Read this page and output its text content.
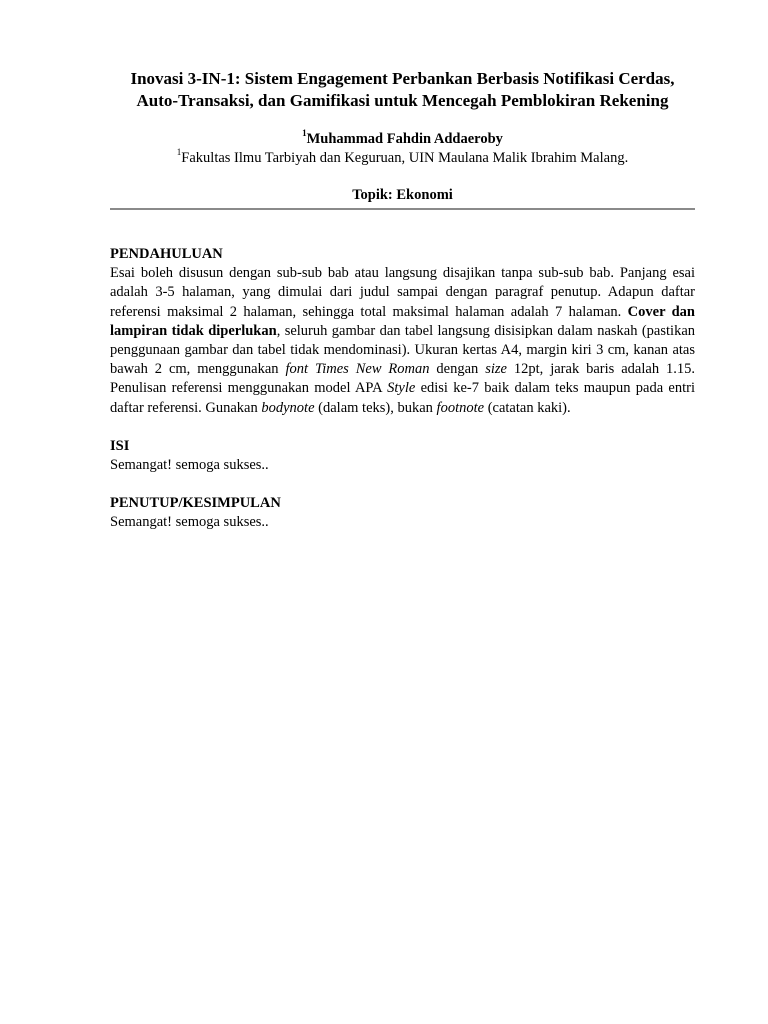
Inovasi 3-IN-1: Sistem Engagement Perbankan Berbasis Notifikasi Cerdas,
Auto-Transaksi, dan Gamifikasi untuk Mencegah Pemblokiran Rekening
$^1$Muhammad Fahdin Addaeroby
$^1$Fakultas Ilmu Tarbiyah dan Keguruan, UIN Maulana Malik Ibrahim Malang.
Topik: Ekonomi
PENDAHULUAN

Esai boleh disusun dengan sub-sub bab atau langsung disajikan tanpa sub-sub bab. Panjang esai adalah 3-5 halaman, yang dimulai dari judul sampai dengan paragraf penutup. Adapun daftar referensi maksimal 2 halaman, sehingga total maksimal halaman adalah 7 halaman. Cover dan lampiran tidak diperlukan, seluruh gambar dan tabel langsung disisipkan dalam naskah (pastikan penggunaan gambar dan tabel tidak mendominasi). Ukuran kertas A4, margin kiri 3 cm, kanan atas bawah 2 cm, menggunakan font Times New Roman dengan size 12pt, jarak baris adalah 1.15. Penulisan referensi menggunakan model APA Style edisi ke-7 baik dalam teks maupun pada entri daftar referensi. Gunakan bodynote (dalam teks), bukan footnote (catatan kaki).

ISI

Semangat! semoga sukses..

PENUTUP/KESIMPULAN

Semangat! semoga sukses..
